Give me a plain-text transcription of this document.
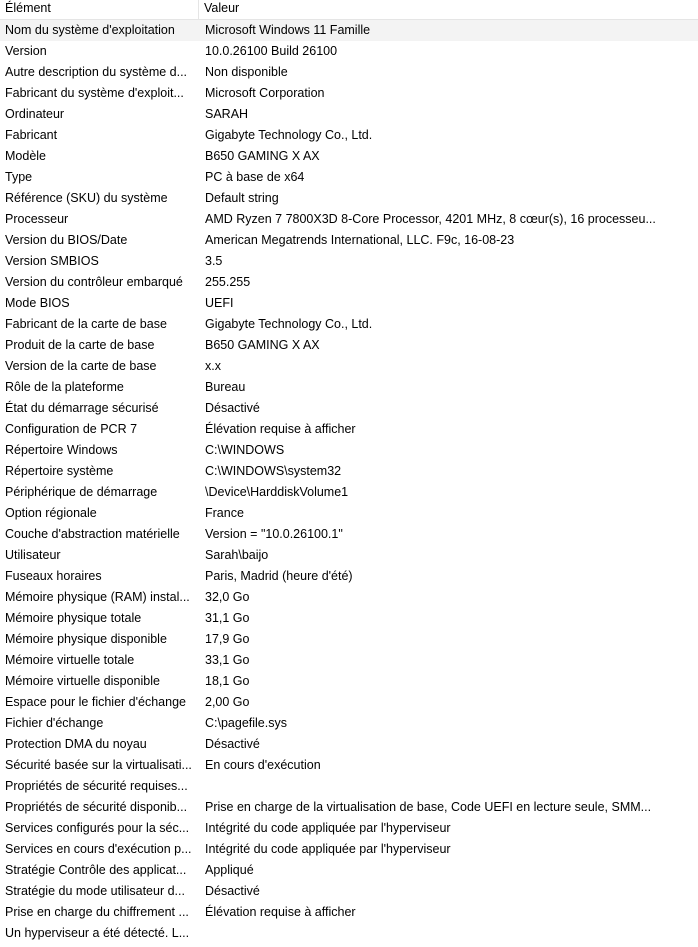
Élément	Valeur
Nom du système d'exploitation	Microsoft Windows 11 Famille
Version	10.0.26100 Build 26100
Autre description du système d...	Non disponible
Fabricant du système d'exploit...	Microsoft Corporation
Ordinateur	SARAH
Fabricant	Gigabyte Technology Co., Ltd.
Modèle	B650 GAMING X AX
Type	PC à base de x64
Référence (SKU) du système	Default string
Processeur	AMD Ryzen 7 7800X3D 8-Core Processor, 4201 MHz, 8 cœur(s), 16 processeu...
Version du BIOS/Date	American Megatrends International, LLC. F9c, 16-08-23
Version SMBIOS	3.5
Version du contrôleur embarqué	255.255
Mode BIOS	UEFI
Fabricant de la carte de base	Gigabyte Technology Co., Ltd.
Produit de la carte de base	B650 GAMING X AX
Version de la carte de base	x.x
Rôle de la plateforme	Bureau
État du démarrage sécurisé	Désactivé
Configuration de PCR 7	Élévation requise à afficher
Répertoire Windows	C:\WINDOWS
Répertoire système	C:\WINDOWS\system32
Périphérique de démarrage	\Device\HarddiskVolume1
Option régionale	France
Couche d'abstraction matérielle	Version = "10.0.26100.1"
Utilisateur	Sarah\baijo
Fuseaux horaires	Paris, Madrid (heure d'été)
Mémoire physique (RAM) instal...	32,0 Go
Mémoire physique totale	31,1 Go
Mémoire physique disponible	17,9 Go
Mémoire virtuelle totale	33,1 Go
Mémoire virtuelle disponible	18,1 Go
Espace pour le fichier d'échange	2,00 Go
Fichier d'échange	C:\pagefile.sys
Protection DMA du noyau	Désactivé
Sécurité basée sur la virtualisati...	En cours d'exécution
Propriétés de sécurité requises...
Propriétés de sécurité disponib...	Prise en charge de la virtualisation de base, Code UEFI en lecture seule, SMM...
Services configurés pour la séc...	Intégrité du code appliquée par l'hyperviseur
Services en cours d'exécution p...	Intégrité du code appliquée par l'hyperviseur
Stratégie Contrôle des applicat...	Appliqué
Stratégie du mode utilisateur d...	Désactivé
Prise en charge du chiffrement ...	Élévation requise à afficher
Un hyperviseur a été détecté. L...
